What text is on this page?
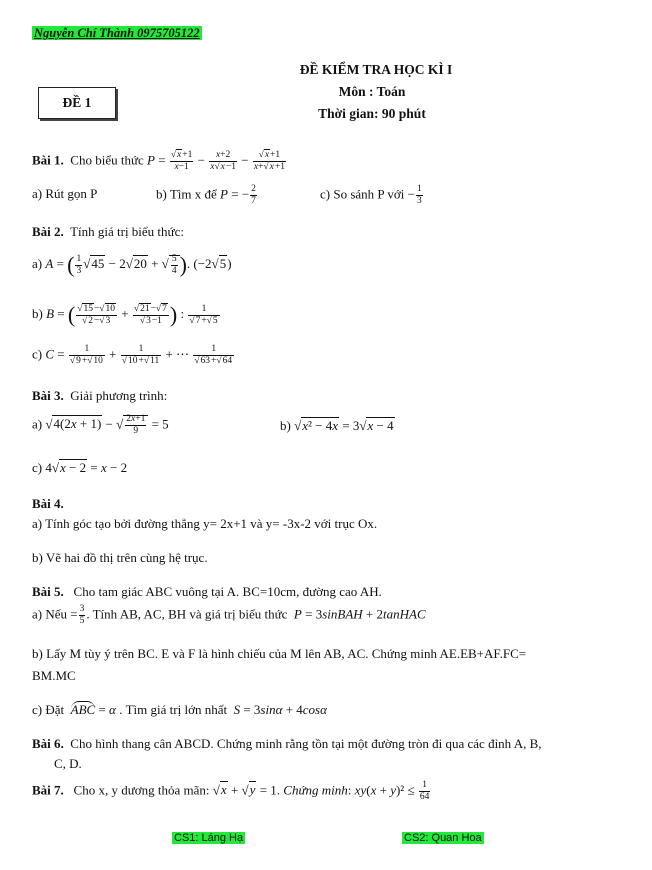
Nguyễn Chí Thành 0975705122
ĐỀ 1
ĐỀ KIỂM TRA HỌC KÌ I
Môn : Toán
Thời gian: 90 phút
Bài 1. Cho biểu thức $P = \frac{√x+1}{x-1} - \frac{x+2}{x√x-1} - \frac{√x+1}{x+√x+1}$
a) Rút gọn P	b) Tìm x để P = − $\frac{2}{7}$	c) So sánh P với − $\frac{1}{3}$
Bài 2. Tính giá trị biểu thức:
a) A = ( $\frac{1}{3} √45 - 2√20$ + √ $\frac{5}{4}$ ). (−2√5)
b) B = ( $\frac{√15-√10}{√2-√3} + \frac{√21-√7}{√3-1}$ ) : $\frac{1}{√7+√5}$
c) $C = \frac{1}{√9+√10} + \frac{1}{√10+√11}$ + ⋯ $\frac{1}{√63+√64}$
Bài 3. Giải phương trình:
a) √4(2x + 1) − √ $\frac{2x+1}{9} = 5$	b) √x² − 4x = 3√x − 4
c) 4√x − 2 = x − 2
Bài 4.
a) Tính góc tạo bởi đường thẳng y= 2x+1 và y= -3x-2 với trục Ox.
b) Vẽ hai đồ thị trên cùng hệ trục.
Bài 5. Cho tam giác ABC vuông tại A. BC=10cm, đường cao AH.
a) Nếu = $\frac{3}{5}$ . Tính AB, AC, BH và giá trị biểu thức P = 3sinBAH + 2tanHAC
b) Lấy M tùy ý trên BC. E và F là hình chiếu của M lên AB, AC. Chứng minh AE.EB+AF.FC=
BM.MC
c) Đặt ABC = α . Tìm giá trị lớn nhất S = 3sinα + 4cosα
Bài 6. Cho hình thang cân ABCD. Chứng minh rằng tồn tại một đường tròn đi qua các đỉnh A, B,
C, D.
Bài 7. Cho x, y dương thỏa mãn: √x + √y = 1. Chứng minh: $xy(x + y)^2 \le \frac{1}{64}$
CS1: Láng Hạ	CS2: Quan Hoa
